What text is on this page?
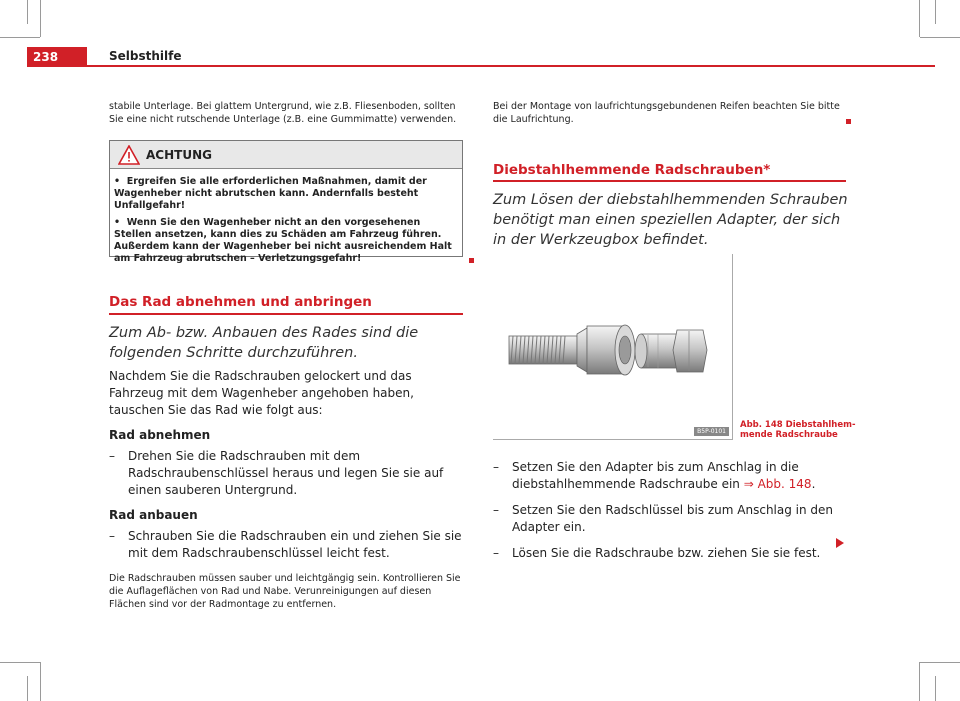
238	Selbsthilfe
stabile Unterlage. Bei glattem Untergrund, wie z.B. Fliesenboden, sollten Sie eine nicht rutschende Unterlage (z.B. eine Gummimatte) verwenden.
ACHTUNG

• Ergreifen Sie alle erforderlichen Maßnahmen, damit der Wagenheber nicht abrutschen kann. Andernfalls besteht Unfallgefahr!

• Wenn Sie den Wagenheber nicht an den vorgesehenen Stellen ansetzen, kann dies zu Schäden am Fahrzeug führen. Außerdem kann der Wagenheber bei nicht ausreichendem Halt am Fahrzeug abrutschen – Verletzungsgefahr!

Das Rad abnehmen und anbringen
Zum Ab- bzw. Anbauen des Rades sind die folgenden Schritte durchzuführen.

Nachdem Sie die Radschrauben gelockert und das Fahrzeug mit dem Wagenheber angehoben haben, tauschen Sie das Rad wie folgt aus:

Rad abnehmen

– Drehen Sie die Radschrauben mit dem Radschraubenschlüssel heraus und legen Sie sie auf einen sauberen Untergrund.

Rad anbauen

– Schrauben Sie die Radschrauben ein und ziehen Sie sie mit dem Radschraubenschlüssel leicht fest.

Die Radschrauben müssen sauber und leichtgängig sein. Kontrollieren Sie die Auflageflächen von Rad und Nabe. Verunreinigungen auf diesen Flächen sind vor der Radmontage zu entfernen.

Bei der Montage von laufrichtungsgebundenen Reifen beachten Sie bitte die Laufrichtung.
Diebstahlhemmende Radschrauben*
Zum Lösen der diebstahlhemmenden Schrauben benötigt man einen speziellen Adapter, der sich in der Werkzeugbox befindet.
B5P-0101
Abb. 148 Diebstahlhem-
mende Radschraube
– Setzen Sie den Adapter bis zum Anschlag in die diebstahlhemmende Radschraube ein ⇒ Abb. 148.
– Setzen Sie den Radschlüssel bis zum Anschlag in den Adapter ein.
– Lösen Sie die Radschraube bzw. ziehen Sie sie fest.
